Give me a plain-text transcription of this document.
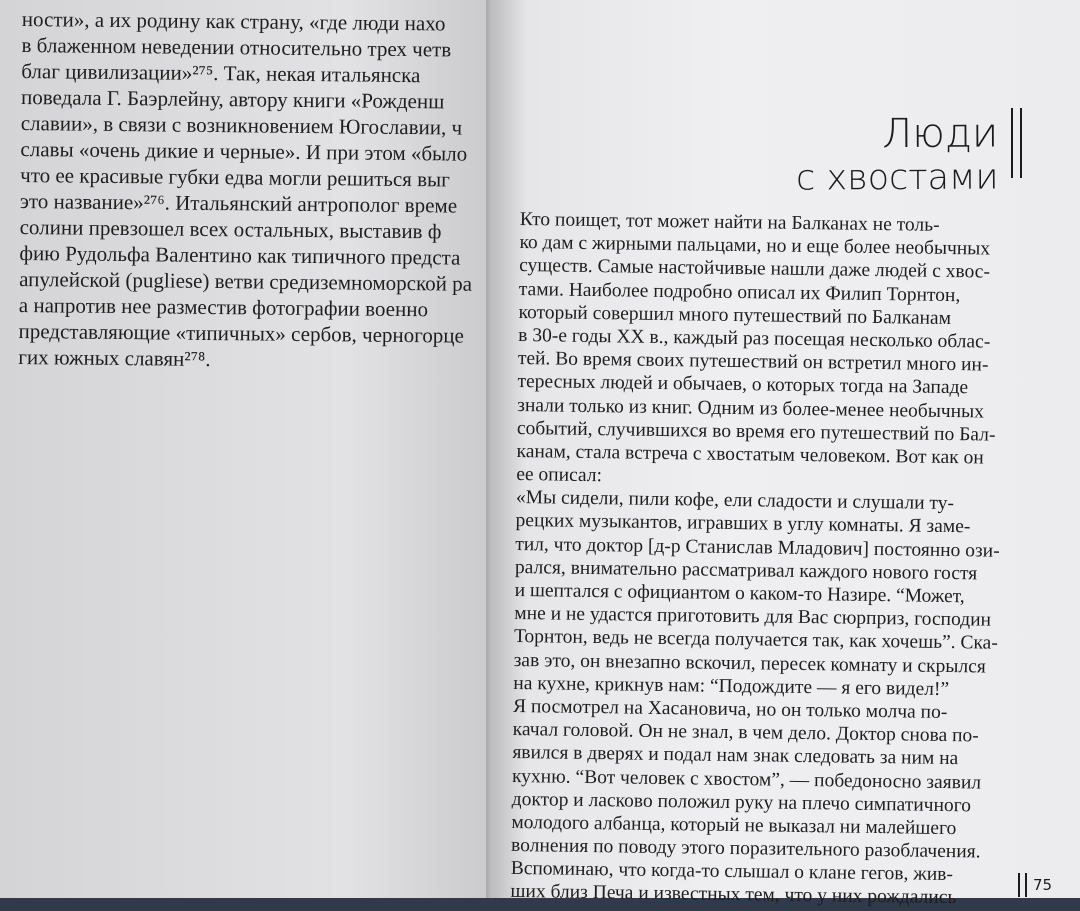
ности», а их родину как страну, «где люди нахо
в блаженном неведении относительно трех четв
благ цивилизации»²⁷⁵. Так, некая итальянска
поведала Г. Баэрлейну, автору книги «Рожденш
славии», в связи с возникновением Югославии, ч
славы «очень дикие и черные». И при этом «было
что ее красивые губки едва могли решиться выг
это название»²⁷⁶. Итальянский антрополог време
солини превзошел всех остальных, выставив ф
фию Рудольфа Валентино как типичного предста
апулейской (pugliese) ветви средиземноморской ра
а напротив нее разместив фотографии военно
представляющие «типичных» сербов, черногорце
гих южных славян²⁷⁸.
Люди
с хвостами
Кто поищет, тот может найти на Балканах не толь-
ко дам с жирными пальцами, но и еще более необычных
существ. Самые настойчивые нашли даже людей с хвос-
тами. Наиболее подробно описал их Филип Торнтон,
который совершил много путешествий по Балканам
в 30-е годы XX в., каждый раз посещая несколько облас-
тей. Во время своих путешествий он встретил много ин-
тересных людей и обычаев, о которых тогда на Западе
знали только из книг. Одним из более-менее необычных
событий, случившихся во время его путешествий по Бал-
канам, стала встреча с хвостатым человеком. Вот как он
ее описал:
«Мы сидели, пили кофе, ели сладости и слушали ту-
рецких музыкантов, игравших в углу комнаты. Я заме-
тил, что доктор [д-р Станислав Младович] постоянно ози-
рался, внимательно рассматривал каждого нового гостя
и шептался с официантом о каком-то Назире. “Может,
мне и не удастся приготовить для Вас сюрприз, господин
Торнтон, ведь не всегда получается так, как хочешь”. Ска-
зав это, он внезапно вскочил, пересек комнату и скрылся
на кухне, крикнув нам: “Подождите — я его видел!”
Я посмотрел на Хасановича, но он только молча по-
качал головой. Он не знал, в чем дело. Доктор снова по-
явился в дверях и подал нам знак следовать за ним на
кухню. “Вот человек с хвостом”, — победоносно заявил
доктор и ласково положил руку на плечо симпатичного
молодого албанца, который не выказал ни малейшего
волнения по поводу этого поразительного разоблачения.
Вспоминаю, что когда-то слышал о клане гегов, жив-
ших близ Печа и известных тем, что у них рождались	75
